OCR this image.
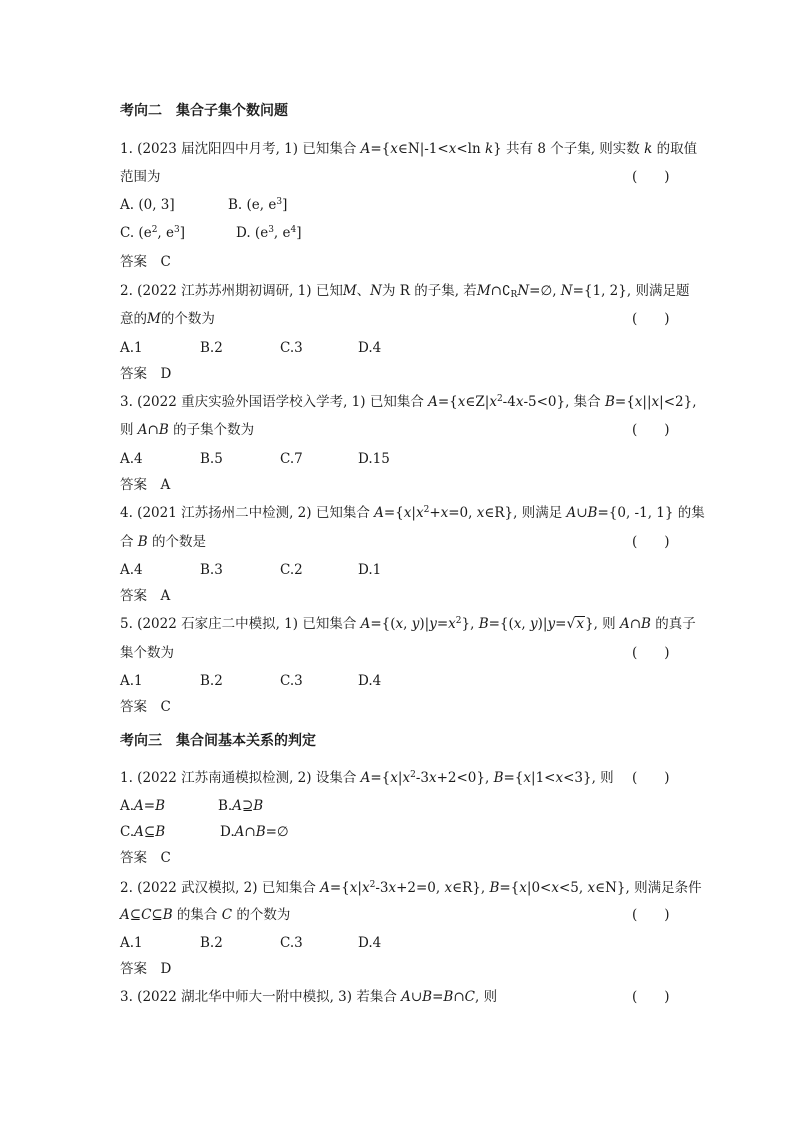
考向二　集合子集个数问题
1. (2023 届沈阳四中月考, 1) 已知集合 A={x∈N|-1<x<ln k} 共有 8 个子集, 则实数 k 的取值
范围为	(　　)
A. (0, 3]	B. (e, $e^3$]
C. ($e^2$, $e^3$]	D. ($e^3$, $e^4$]
答案　C
2. (2022 江苏苏州期初调研, 1) 已知M、N为 R 的子集, 若$M\cap∁_RN=\emptyset$, N={1, 2}, 则满足题
意的M的个数为	(　　)
A.1	B.2	C.3	D.4
答案　D
3. (2022 重庆实验外国语学校入学考, 1) 已知集合 $A=\{x\in Z|x^2-4x-5<0\}$, 集合 B={x||x|<2},
则 A∩B 的子集个数为	(　　)
A.4	B.5	C.7	D.15
答案　A
4. (2021 江苏扬州二中检测, 2) 已知集合 $A=\{x|x^2+x=0$, x∈R}, 则满足 A∪B={0, -1, 1} 的集
合 B 的个数是	(　　)
A.4	B.3	C.2	D.1
答案　A
5. (2022 石家庄二中模拟, 1) 已知集合 A={(x, $y)|y=x^2$}, B={(x, y)|y=√x}, 则 A∩B 的真子
集个数为	(　　)
A.1	B.2	C.3	D.4
答案　C
考向三　集合间基本关系的判定
1. (2022 江苏南通模拟检测, 2) 设集合 $A=\{x|x^2-3x+2<0\}$, B={x|1<x<3}, 则 (　　)
A.A=B	B.A⊇B
C.A⊆B	D.A∩B=∅
答案　C
2. (2022 武汉模拟, 2) 已知集合 $A=\{x|x^2-3x+2=0$, x∈R}, B={x|0<x<5, x∈N}, 则满足条件
A⊆C⊆B 的集合 C 的个数为	(　　)
A.1	B.2	C.3	D.4
答案　D
3. (2022 湖北华中师大一附中模拟, 3) 若集合 A∪B=B∩C, 则	(　　)
